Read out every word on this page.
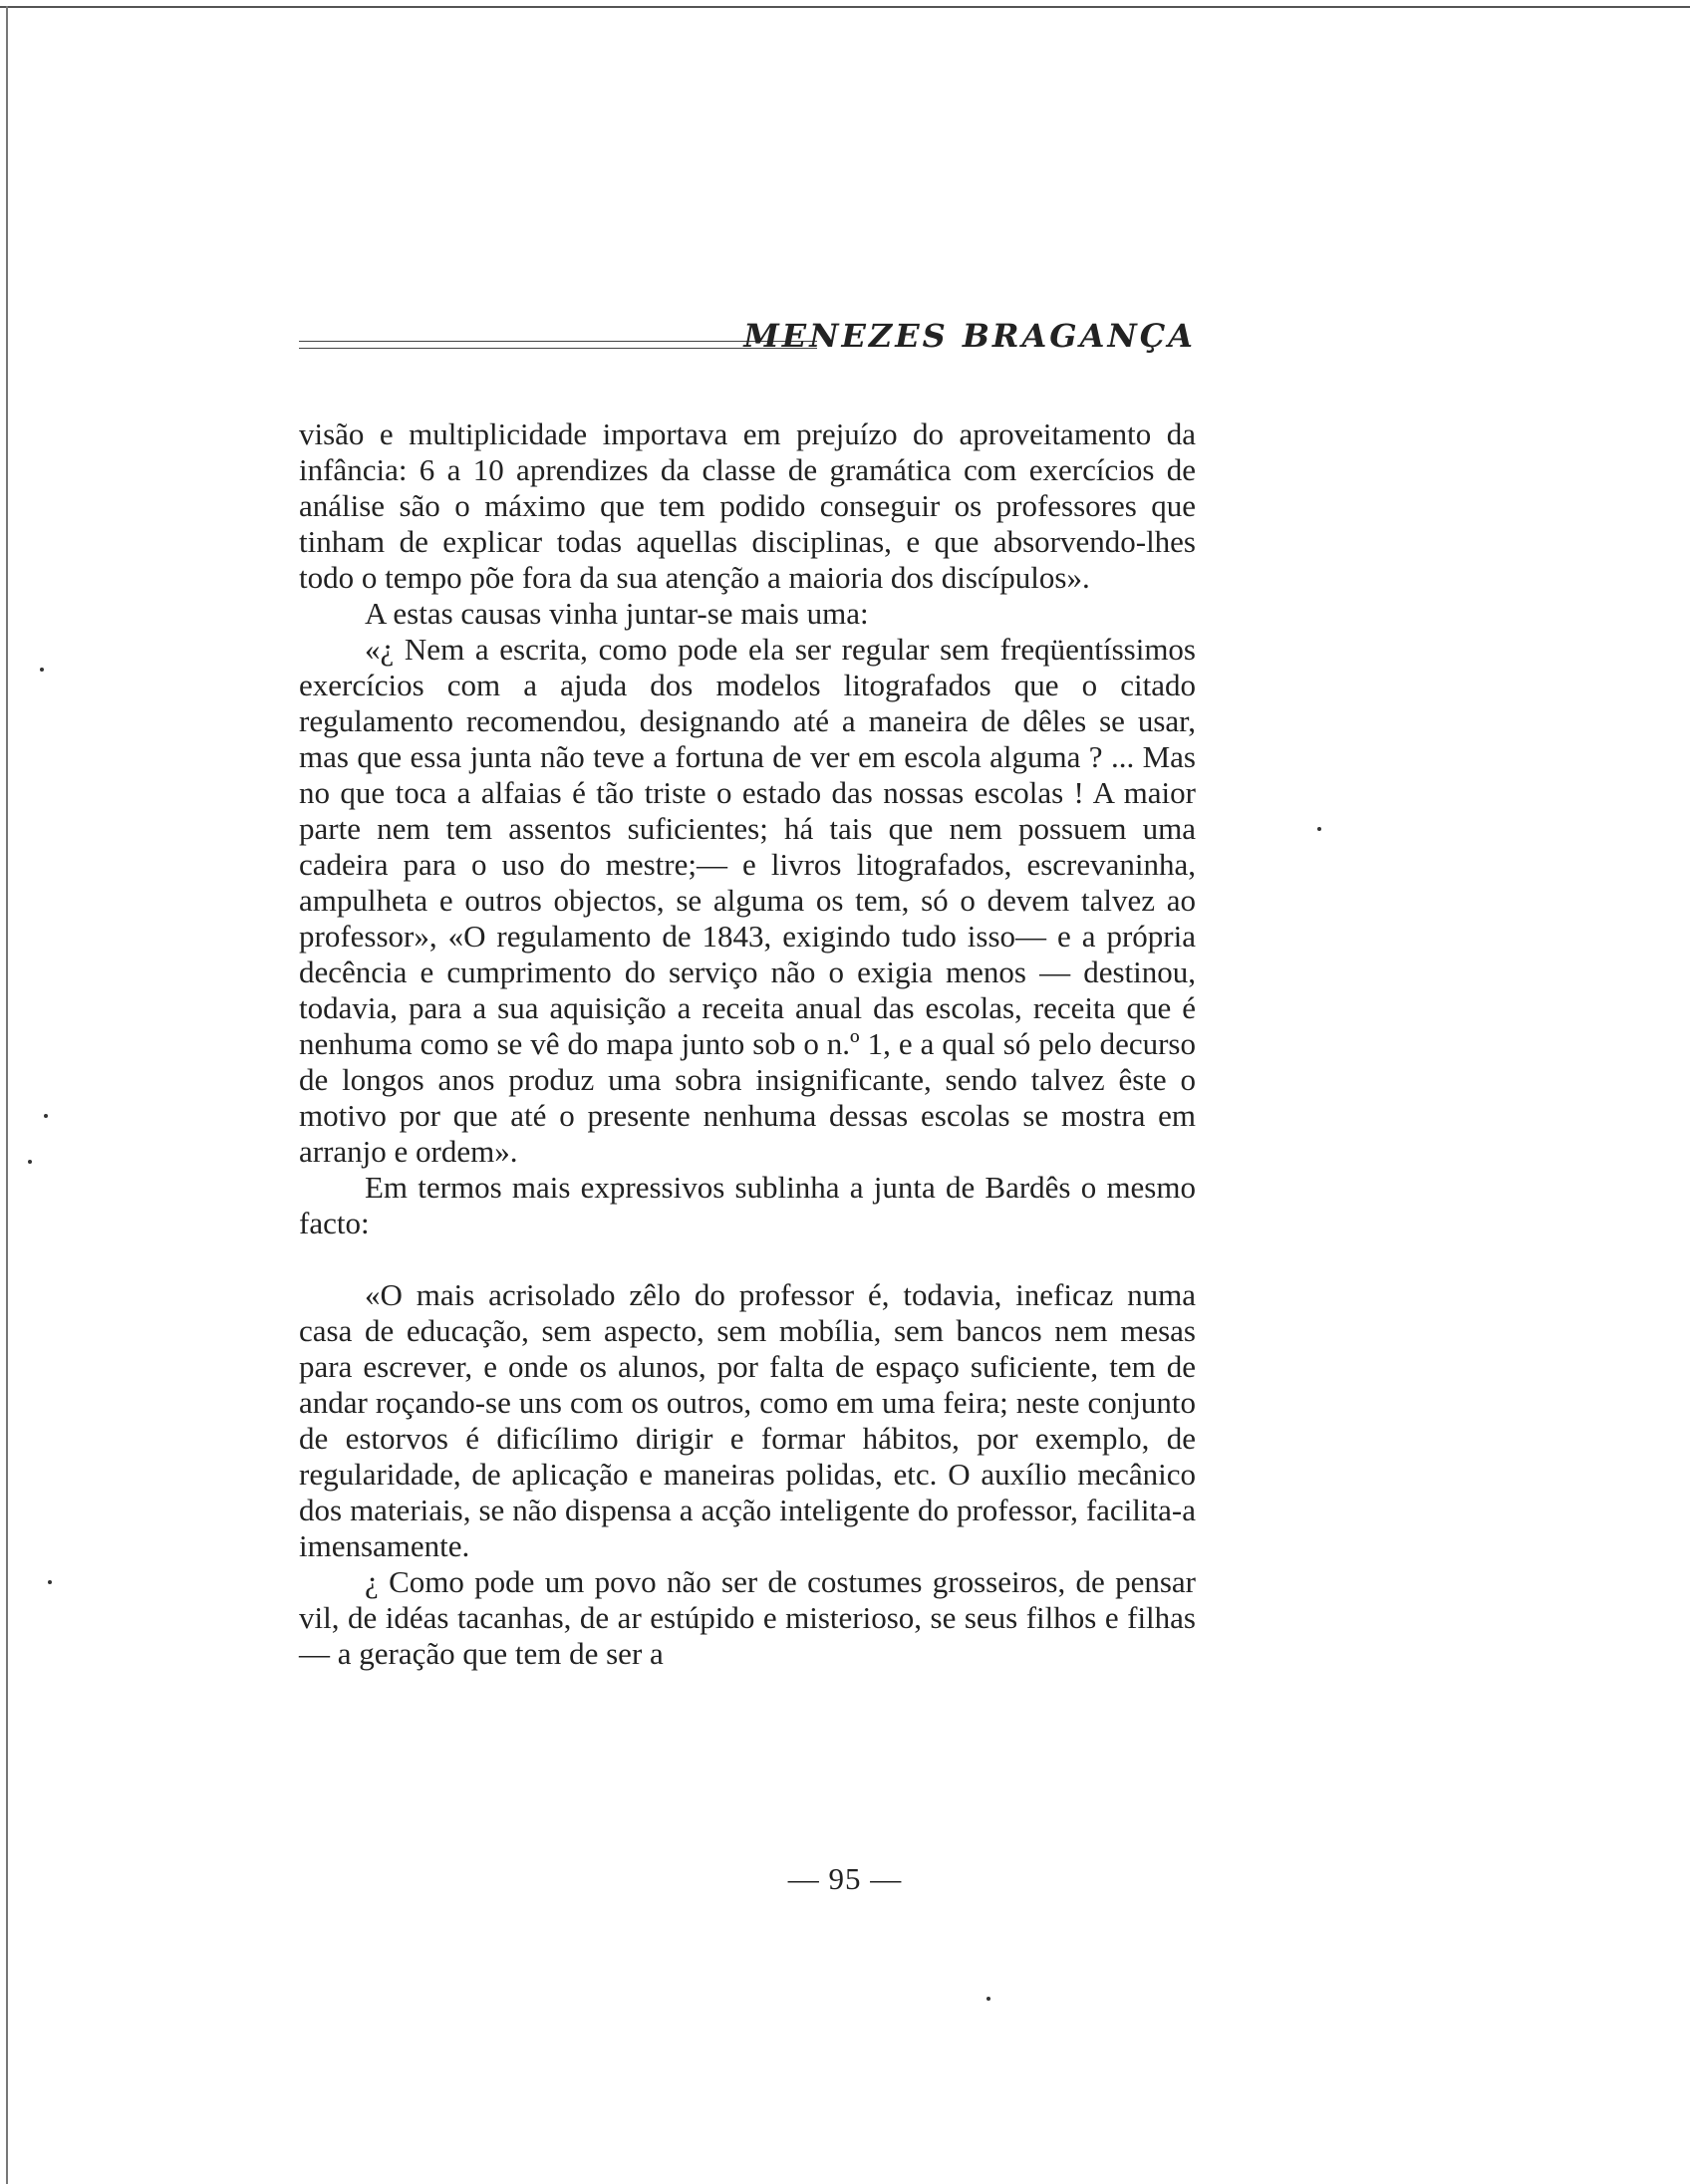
MENEZES BRAGANÇA

visão e multiplicidade importava em prejuízo do aproveitamento da infância: 6 a 10 aprendizes da classe de gramática com exercícios de análise são o máximo que tem podido conseguir os professores que tinham de explicar todas aquellas disciplinas, e que absorvendo-lhes todo o tempo põe fora da sua atenção a maioria dos discípulos».

A estas causas vinha juntar-se mais uma:

«¿ Nem a escrita, como pode ela ser regular sem freqüentíssimos exercícios com a ajuda dos modelos litografados que o citado regulamento recomendou, designando até a maneira de dêles se usar, mas que essa junta não teve a fortuna de ver em escola alguma ? ... Mas no que toca a alfaias é tão triste o estado das nossas escolas ! A maior parte nem tem assentos suficientes; há tais que nem possuem uma cadeira para o uso do mestre;— e livros litografados, escrevaninha, ampulheta e outros objectos, se alguma os tem, só o devem talvez ao professor», «O regulamento de 1843, exigindo tudo isso— e a própria decência e cumprimento do serviço não o exigia menos — destinou, todavia, para a sua aquisição a receita anual das escolas, receita que é nenhuma como se vê do mapa junto sob o n.º 1, e a qual só pelo decurso de longos anos produz uma sobra insignificante, sendo talvez êste o motivo por que até o presente nenhuma dessas escolas se mostra em arranjo e ordem».

Em termos mais expressivos sublinha a junta de Bardês o mesmo facto:

«O mais acrisolado zêlo do professor é, todavia, ineficaz numa casa de educação, sem aspecto, sem mobília, sem bancos nem mesas para escrever, e onde os alunos, por falta de espaço suficiente, tem de andar roçando-se uns com os outros, como em uma feira; neste conjunto de estorvos é dificílimo dirigir e formar hábitos, por exemplo, de regularidade, de aplicação e maneiras polidas, etc. O auxílio mecânico dos materiais, se não dispensa a acção inteligente do professor, facilita-a imensamente.

¿ Como pode um povo não ser de costumes grosseiros, de pensar vil, de idéas tacanhas, de ar estúpido e misterioso, se seus filhos e filhas — a geração que tem de ser a

— 95 —
